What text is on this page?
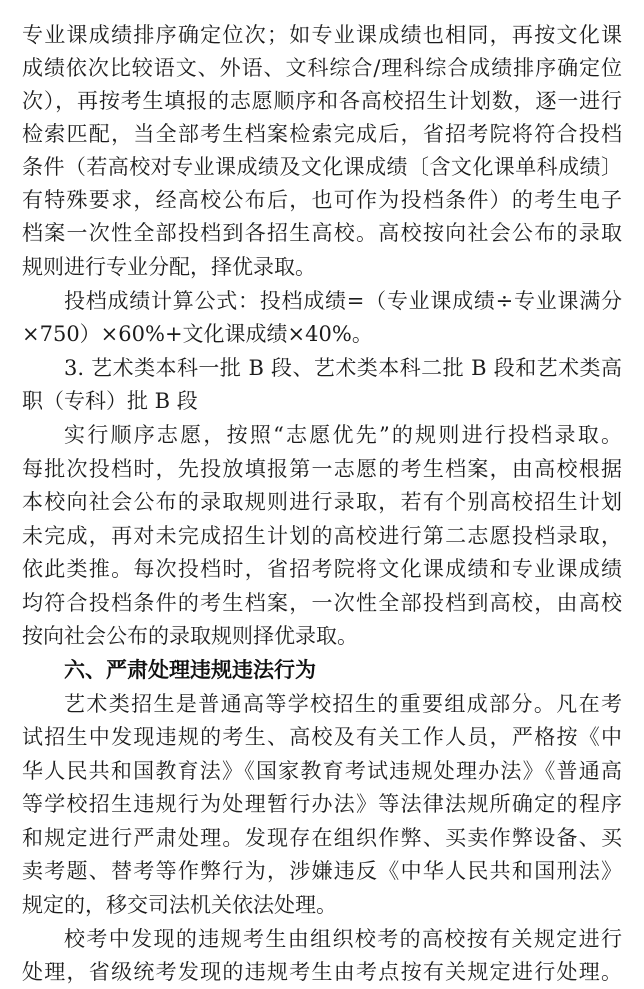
专业课成绩排序确定位次；如专业课成绩也相同，再按文化课
成绩依次比较语文、外语、文科综合/理科综合成绩排序确定位
次），再按考生填报的志愿顺序和各高校招生计划数，逐一进行
检索匹配，当全部考生档案检索完成后，省招考院将符合投档
条件（若高校对专业课成绩及文化课成绩〔含文化课单科成绩〕
有特殊要求，经高校公布后，也可作为投档条件）的考生电子
档案一次性全部投档到各招生高校。高校按向社会公布的录取
规则进行专业分配，择优录取。
投档成绩计算公式：投档成绩=（专业课成绩÷专业课满分
×750）×60%+文化课成绩×40%。
3. 艺术类本科一批 B 段、艺术类本科二批 B 段和艺术类高
职（专科）批 B 段
实行顺序志愿，按照“志愿优先”的规则进行投档录取。
每批次投档时，先投放填报第一志愿的考生档案，由高校根据
本校向社会公布的录取规则进行录取，若有个别高校招生计划
未完成，再对未完成招生计划的高校进行第二志愿投档录取，
依此类推。每次投档时，省招考院将文化课成绩和专业课成绩
均符合投档条件的考生档案，一次性全部投档到高校，由高校
按向社会公布的录取规则择优录取。
六、严肃处理违规违法行为
艺术类招生是普通高等学校招生的重要组成部分。凡在考
试招生中发现违规的考生、高校及有关工作人员，严格按《中
华人民共和国教育法》《国家教育考试违规处理办法》《普通高
等学校招生违规行为处理暂行办法》等法律法规所确定的程序
和规定进行严肃处理。发现存在组织作弊、买卖作弊设备、买
卖考题、替考等作弊行为，涉嫌违反《中华人民共和国刑法》
规定的，移交司法机关依法处理。
校考中发现的违规考生由组织校考的高校按有关规定进行
处理，省级统考发现的违规考生由考点按有关规定进行处理。
